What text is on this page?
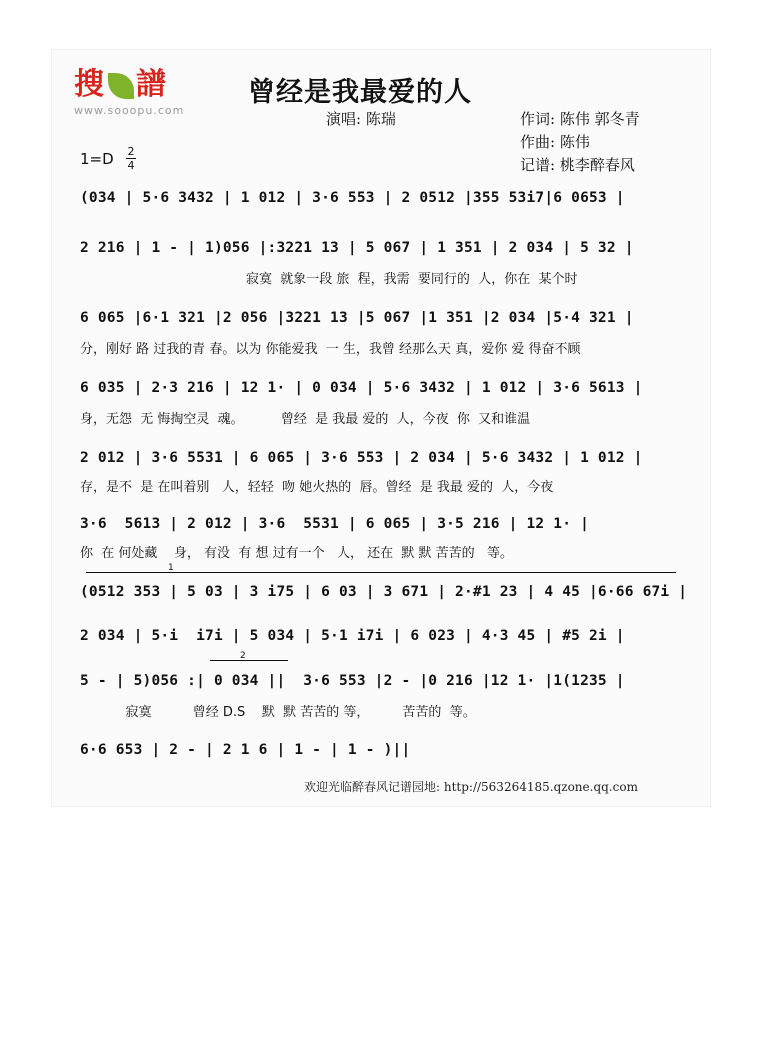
搜 譜
www.sooopu.com
曾经是我最爱的人
演唱: 陈瑞	作词: 陈伟 郭冬青
作曲: 陈伟
记谱: 桃李醉春风
1=D 2
4
(034 | 5·6 3432 | 1 012 | 3·6 553 | 2 0512 |355 53i7|6 0653 |
2 216 | 1 - | 1)056 |:3221 13 | 5 067 | 1 351 | 2 034 | 5 32 |
寂寞  就象一段 旅  程，我需  要同行的  人，你在  某个时
6 065 |6·1 321 |2 056 |3221 13 |5 067 |1 351 |2 034 |5·4 321 |
分，刚好 路 过我的青 春。以为 你能爱我  一 生，我曾 经那么天 真，爱你 爱 得奋不顾
6 035 | 2·3 216 | 12 1· | 0 034 | 5·6 3432 | 1 012 | 3·6 5613 |
身，无怨  无 悔掏空灵  魂。         曾经  是 我最 爱的  人，今夜  你  又和谁温
2 012 | 3·6 5531 | 6 065 | 3·6 553 | 2 034 | 5·6 3432 | 1 012 |
存，是不  是 在叫着别   人，轻轻  吻 她火热的  唇。曾经  是 我最 爱的  人，今夜
3·6  5613 | 2 012 | 3·6  5531 | 6 065 | 3·5 216 | 12 1· |
你  在 何处藏    身， 有没  有 想 过有一个   人， 还在  默 默 苦苦的   等。
1
(0512 353 | 5 03 | 3 i75 | 6 03 | 3 671 | 2·#1 23 | 4 45 |6·66 67i |
2 034 | 5·i  i7i | 5 034 | 5·1 i7i | 6 023 | 4·3 45 | #5 2i |
2
5 - | 5)056 :| 0 034 ||  3·6 553 |2 - |0 216 |12 1· |1(1235 |
寂寞          曾经 D.S    默  默 苦苦的 等，        苦苦的  等。
6·6 653 | 2 - | 2 1 6 | 1 - | 1 - )||
欢迎光临醉春风记谱园地: http://563264185.qzone.qq.com
